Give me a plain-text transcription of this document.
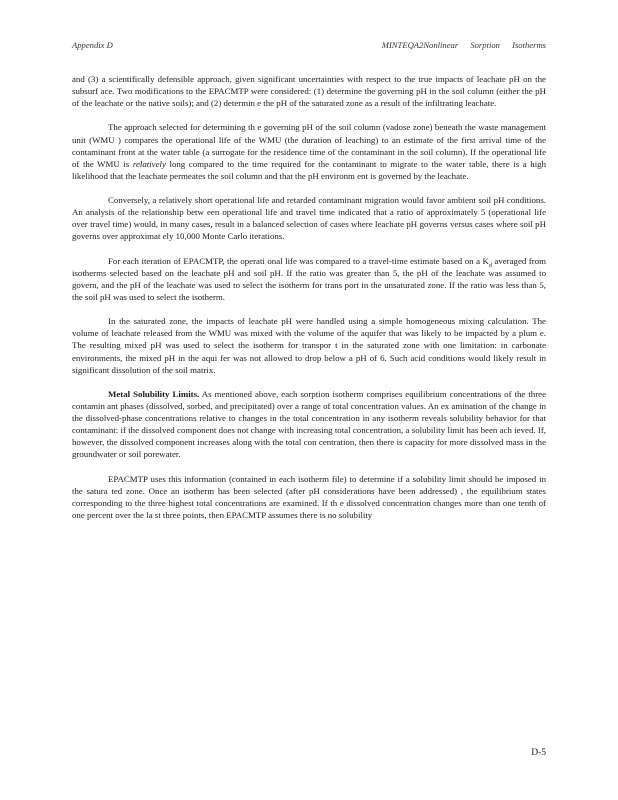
Appendix D	MINTEQA2Nonlinear Sorption Isotherms

and (3) a scientifically defensible approach, given significant uncertainties with respect to the true impacts of leachate pH on the subsurf ace. Two modifications to the EPACMTP were considered: (1) determine the governing pH in the soil column (either the pH of the leachate or the native soils); and (2) determin e the pH of the saturated zone as a result of the infiltrating leachate.

The approach selected for determining th e governing pH of the soil column (vadose zone) beneath the waste management unit (WMU ) compares the operational life of the WMU (the duration of leaching) to an estimate of the first arrival time of the contaminant front at the water table (a surrogate for the residence time of the contaminant in the soil column). If the operational life of the WMU is relatively long compared to the time required for the contaminant to migrate to the water table, there is a high likelihood that the leachate permeates the soil column and that the pH environm ent is governed by the leachate.

Conversely, a relatively short operational life and retarded contaminant migration would favor ambient soil pH conditions. An analysis of the relationship betw een operational life and travel time indicated that a ratio of approximately 5 (operational life over travel time) would, in many cases, result in a balanced selection of cases where leachate pH governs versus cases where soil pH governs over approximat ely 10,000 Monte Carlo iterations.

For each iteration of EPACMTP, the operati onal life was compared to a travel-time estimate based on a $K_d$ averaged from isotherms selected based on the leachate pH and soil pH. If the ratio was greater than 5, the pH of the leachate was assumed to govern, and the pH of the leachate was used to select the isotherm for trans port in the unsaturated zone. If the ratio was less than 5, the soil pH was used to select the isotherm.

In the saturated zone, the impacts of leachate pH were handled using a simple homogeneous mixing calculation. The volume of leachate released from the WMU was mixed with the volume of the aquifer that was likely to be impacted by a plum e. The resulting mixed pH was used to select the isotherm for transpor t in the saturated zone with one limitation: in carbonate environments, the mixed pH in the aqui fer was not allowed to drop below a pH of 6. Such acid conditions would likely result in significant dissolution of the soil matrix.

Metal Solubility Limits. As mentioned above, each sorption isotherm comprises equilibrium concentrations of the three contamin ant phases (dissolved, sorbed, and precipitated) over a range of total concentration values. An ex amination of the change in the dissolved-phase concentrations relative to changes in the total concentration in any isotherm reveals solubility behavior for that contaminant: if the dissolved component does not change with increasing total concentration, a solubility limit has been ach ieved. If, however, the dissolved component increases along with the total con centration, then there is capacity for more dissolved mass in the groundwater or soil porewater.

EPACMTP uses this information (contained in each isotherm file) to determine if a solubility limit should be imposed in the satura ted zone. Once an isotherm has been selected (after pH considerations have been addressed) , the equilibrium states corresponding to the three highest total concentrations are examined. If th e dissolved concentration changes more than one tenth of one percent over the la st three points, then EPACMTP assumes there is no solubility

D-5
